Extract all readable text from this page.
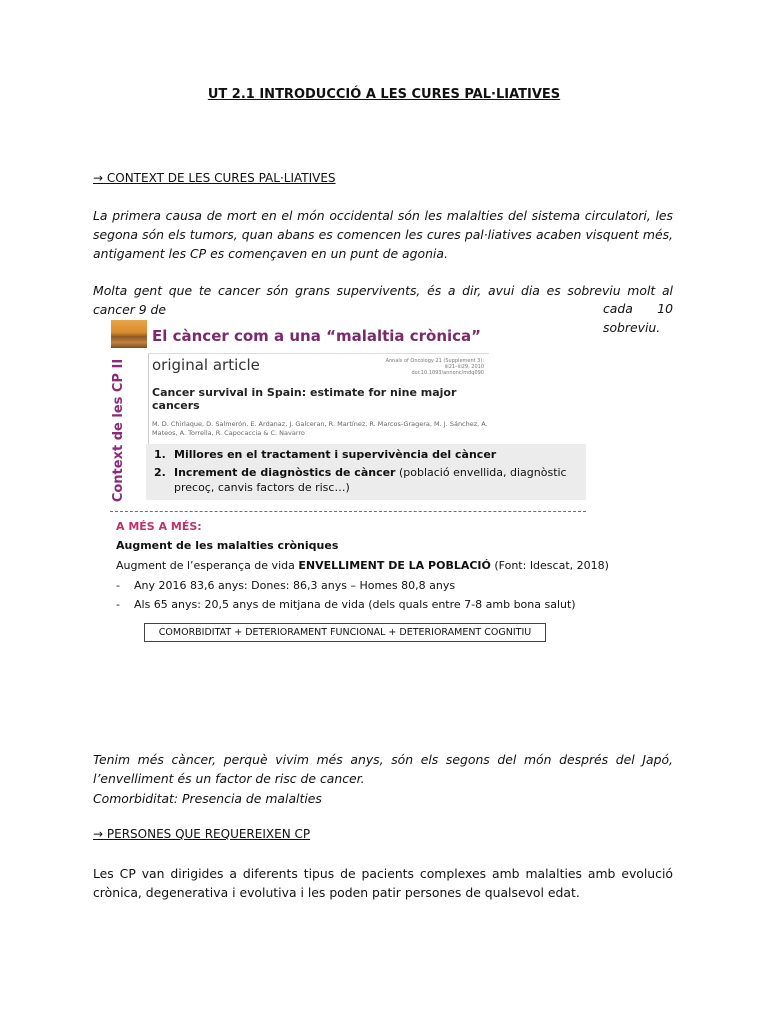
UT 2.1 INTRODUCCIÓ A LES CURES PAL·LIATIVES
→ CONTEXT DE LES CURES PAL·LIATIVES

La primera causa de mort en el món occidental són les malalties del sistema circulatori, les segona són els tumors, quan abans es comencen les cures pal·liatives acaben visquent més, antigament les CP es començaven en un punt de agonia.

Molta gent que te cancer són grans supervivents, és a dir, avui dia es sobreviu molt al cancer 9 de	cada 10
sobreviu.
El càncer com a una “malaltia crònica”
Context de les CP II original article	Annals of Oncology 21 (Supplement 3): iii21–iii29, 2010 doi:10.1093/annonc/mdq090
Cancer survival in Spain: estimate for nine major cancers
M. D. Chirlaque, D. Salmerón, E. Ardanaz, J. Galceran, R. Martínez, R. Marcos-Gragera, M. J. Sánchez, A. Mateos, A. Torrella, R. Capocaccia & C. Navarro
1. Millores en el tractament i supervivència del càncer
2. Increment de diagnòstics de càncer (població envellida, diagnòstic precoç, canvis factors de risc…)
A MÉS A MÉS:
Augment de les malalties cròniques
Augment de l’esperança de vida ENVELLIMENT DE LA POBLACIÓ (Font: Idescat, 2018)
- Any 2016 83,6 anys: Dones: 86,3 anys – Homes 80,8 anys
- Als 65 anys: 20,5 anys de mitjana de vida (dels quals entre 7-8 amb bona salut)
COMORBIDITAT + DETERIORAMENT FUNCIONAL + DETERIORAMENT COGNITIU

Tenim més càncer, perquè vivim més anys, són els segons del món després del Japó, l’envelliment és un factor de risc de cancer.

Comorbiditat: Presencia de malalties

→ PERSONES QUE REQUEREIXEN CP

Les CP van dirigides a diferents tipus de pacients complexes amb malalties amb evolució crònica, degenerativa i evolutiva i les poden patir persones de qualsevol edat.
